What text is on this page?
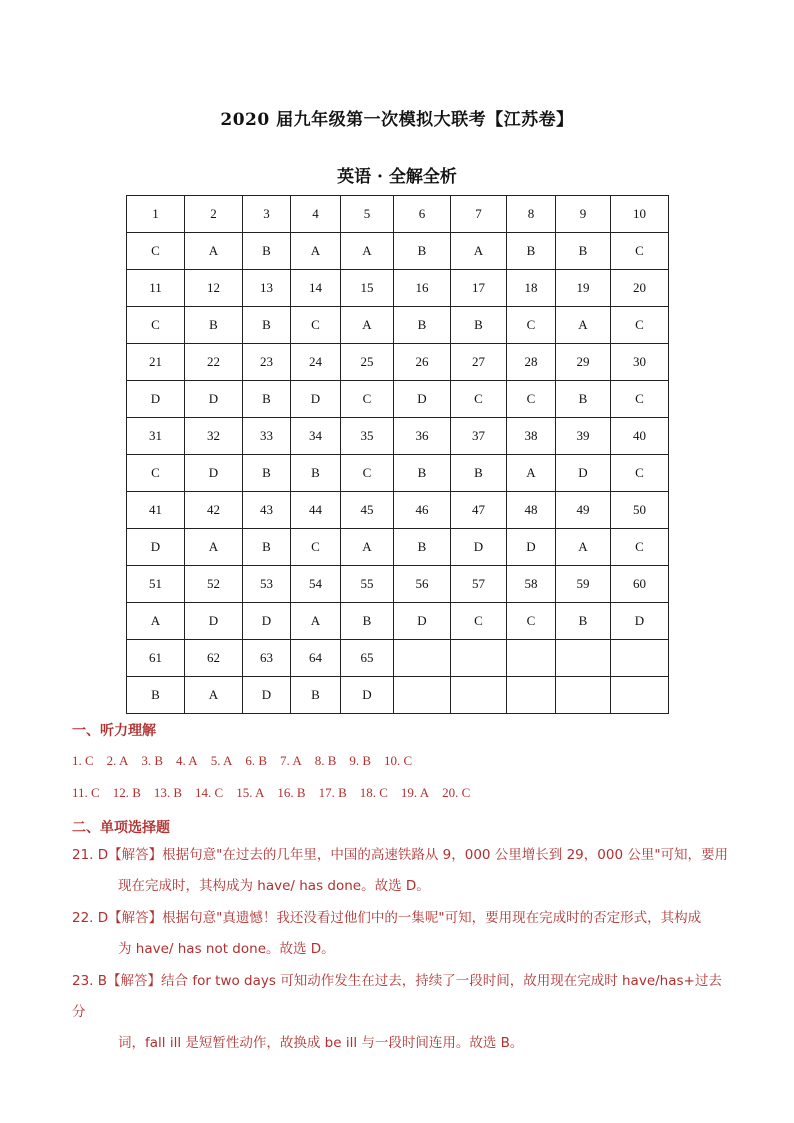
2020 届九年级第一次模拟大联考【江苏卷】
英语 · 全解全析
1	2	3	4	5	6	7	8	9	10
C	A	B	A	A	B	A	B	B	C
11	12	13	14	15	16	17	18	19	20
C	B	B	C	A	B	B	C	A	C
21	22	23	24	25	26	27	28	29	30
D	D	B	D	C	D	C	C	B	C
31	32	33	34	35	36	37	38	39	40
C	D	B	B	C	B	B	A	D	C
41	42	43	44	45	46	47	48	49	50
D	A	B	C	A	B	D	D	A	C
51	52	53	54	55	56	57	58	59	60
A	D	D	A	B	D	C	C	B	D
61	62	63	64	65					
B	A	D	B	D					
一、听力理解
1. C 2. A 3. B 4. A 5. A 6. B 7. A 8. B 9. B 10. C
11. C 12. B 13. B 14. C 15. A 16. B 17. B 18. C 19. A 20. C
二、单项选择题
21. D【解答】根据句意"在过去的几年里，中国的高速铁路从 9，000 公里增长到 29，000 公里"可知，要用
现在完成时，其构成为 have/ has done。故选 D。
22. D【解答】根据句意"真遗憾！我还没看过他们中的一集呢"可知，要用现在完成时的否定形式，其构成
为 have/ has not done。故选 D。
23. B【解答】结合 for two days 可知动作发生在过去，持续了一段时间，故用现在完成时 have/has+过去分
词，fall ill 是短暂性动作，故换成 be ill 与一段时间连用。故选 B。
